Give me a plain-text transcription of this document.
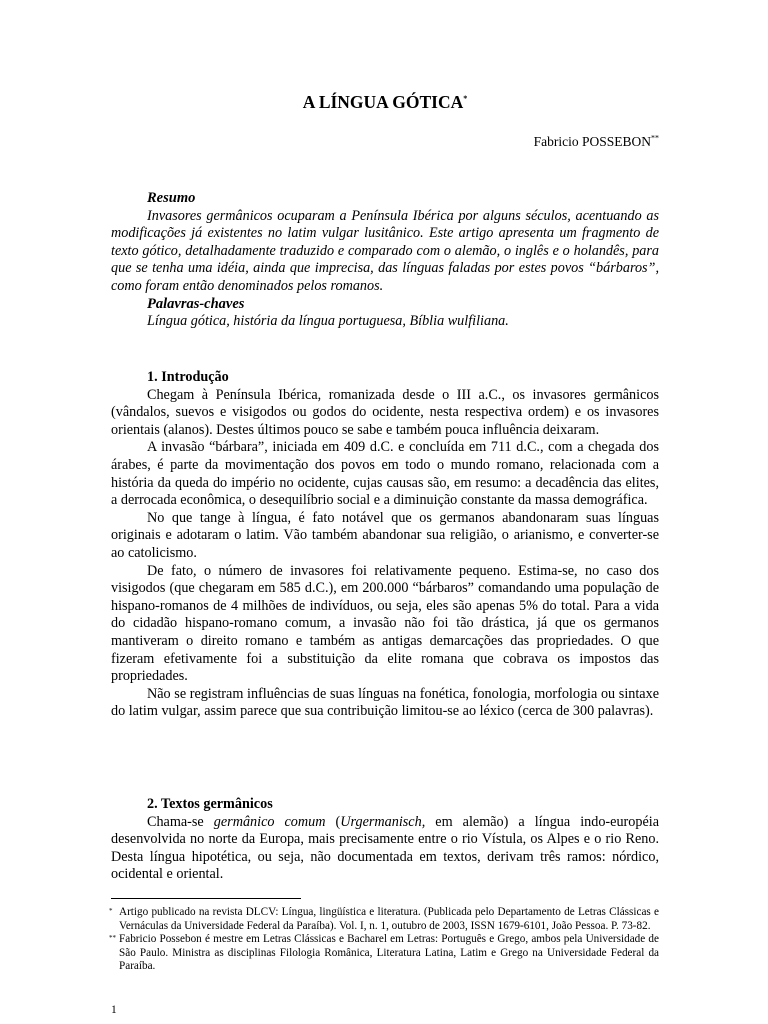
A LÍNGUA GÓTICA*
Fabricio POSSEBON**
Resumo

Invasores germânicos ocuparam a Península Ibérica por alguns séculos, acentuando as modificações já existentes no latim vulgar lusitânico. Este artigo apresenta um fragmento de texto gótico, detalhadamente traduzido e comparado com o alemão, o inglês e o holandês, para que se tenha uma idéia, ainda que imprecisa, das línguas faladas por estes povos “bárbaros”, como foram então denominados pelos romanos.

Palavras-chaves

Língua gótica, história da língua portuguesa, Bíblia wulfiliana.

1. Introdução

Chegam à Península Ibérica, romanizada desde o III a.C., os invasores germânicos (vândalos, suevos e visigodos ou godos do ocidente, nesta respectiva ordem) e os invasores orientais (alanos). Destes últimos pouco se sabe e também pouca influência deixaram.

A invasão “bárbara”, iniciada em 409 d.C. e concluída em 711 d.C., com a chegada dos árabes, é parte da movimentação dos povos em todo o mundo romano, relacionada com a história da queda do império no ocidente, cujas causas são, em resumo: a decadência das elites, a derrocada econômica, o desequilíbrio social e a diminuição constante da massa demográfica.

No que tange à língua, é fato notável que os germanos abandonaram suas línguas originais e adotaram o latim. Vão também abandonar sua religião, o arianismo, e converter-se ao catolicismo.

De fato, o número de invasores foi relativamente pequeno. Estima-se, no caso dos visigodos (que chegaram em 585 d.C.), em 200.000 “bárbaros” comandando uma população de hispano-romanos de 4 milhões de indivíduos, ou seja, eles são apenas 5% do total. Para a vida do cidadão hispano-romano comum, a invasão não foi tão drástica, já que os germanos mantiveram o direito romano e também as antigas demarcações das propriedades. O que fizeram efetivamente foi a substituição da elite romana que cobrava os impostos das propriedades.

Não se registram influências de suas línguas na fonética, fonologia, morfologia ou sintaxe do latim vulgar, assim parece que sua contribuição limitou-se ao léxico (cerca de 300 palavras).

2. Textos germânicos

Chama-se germânico comum (Urgermanisch, em alemão) a língua indo-européia desenvolvida no norte da Europa, mais precisamente entre o rio Vístula, os Alpes e o rio Reno. Desta língua hipotética, ou seja, não documentada em textos, derivam três ramos: nórdico, ocidental e oriental.

* Artigo publicado na revista DLCV: Língua, lingüística e literatura. (Publicada pelo Departamento de Letras Clássicas e Vernáculas da Universidade Federal da Paraíba). Vol. I, n. 1, outubro de 2003, ISSN 1679-6101, João Pessoa. P. 73-82.
** Fabricio Possebon é mestre em Letras Clássicas e Bacharel em Letras: Português e Grego, ambos pela Universidade de São Paulo. Ministra as disciplinas Filologia Românica, Literatura Latina, Latim e Grego na Universidade Federal da Paraíba.
1
